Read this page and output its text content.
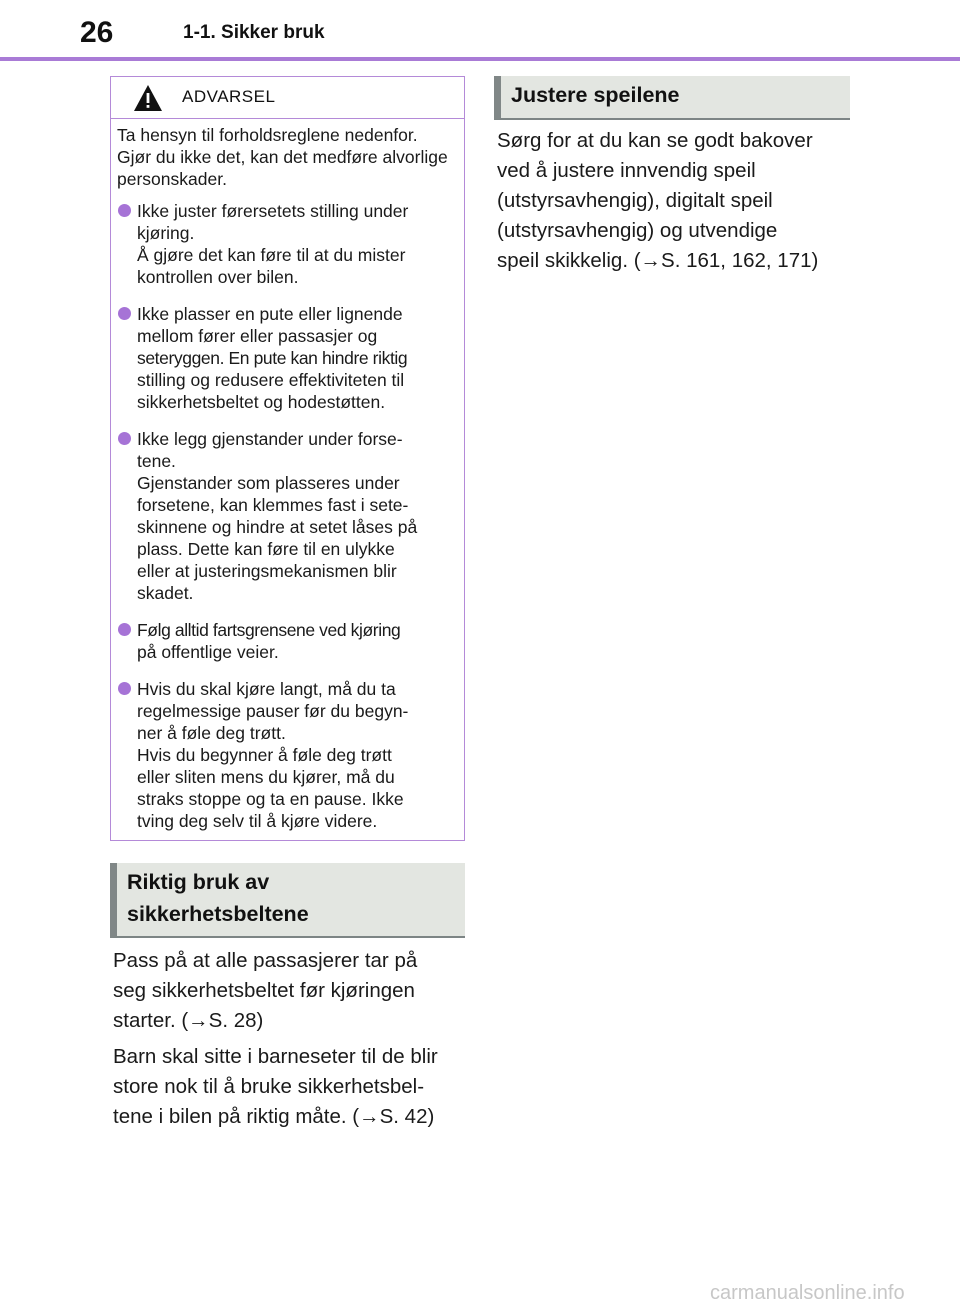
26	1-1. Sikker bruk
ADVARSEL

Ta hensyn til forholdsreglene nedenfor. Gjør du ikke det, kan det medføre alvorlige personskader.

Ikke juster førersetets stilling under
kjøring.
Å gjøre det kan føre til at du mister
kontrollen over bilen.
Ikke plasser en pute eller lignende
mellom fører eller passasjer og
seteryggen. En pute kan hindre riktig
stilling og redusere effektiviteten til
sikkerhetsbeltet og hodestøtten.
Ikke legg gjenstander under forse-
tene.
Gjenstander som plasseres under
forsetene, kan klemmes fast i sete-
skinnene og hindre at setet låses på
plass. Dette kan føre til en ulykke
eller at justeringsmekanismen blir
skadet.
Følg alltid fartsgrensene ved kjøring
på offentlige veier.
Hvis du skal kjøre langt, må du ta
regelmessige pauser før du begyn-
ner å føle deg trøtt.
Hvis du begynner å føle deg trøtt
eller sliten mens du kjører, må du
straks stoppe og ta en pause. Ikke
tving deg selv til å kjøre videre.
Riktig bruk av
sikkerhetsbeltene

Pass på at alle passasjerer tar på
seg sikkerhetsbeltet før kjøringen
starter. (→S. 28)

Barn skal sitte i barneseter til de blir
store nok til å bruke sikkerhetsbel-
tene i bilen på riktig måte. (→S. 42)

Justere speilene

Sørg for at du kan se godt bakover
ved å justere innvendig speil
(utstyrsavhengig), digitalt speil
(utstyrsavhengig) og utvendige
speil skikkelig. (→S. 161, 162, 171)

carmanualsonline.info
